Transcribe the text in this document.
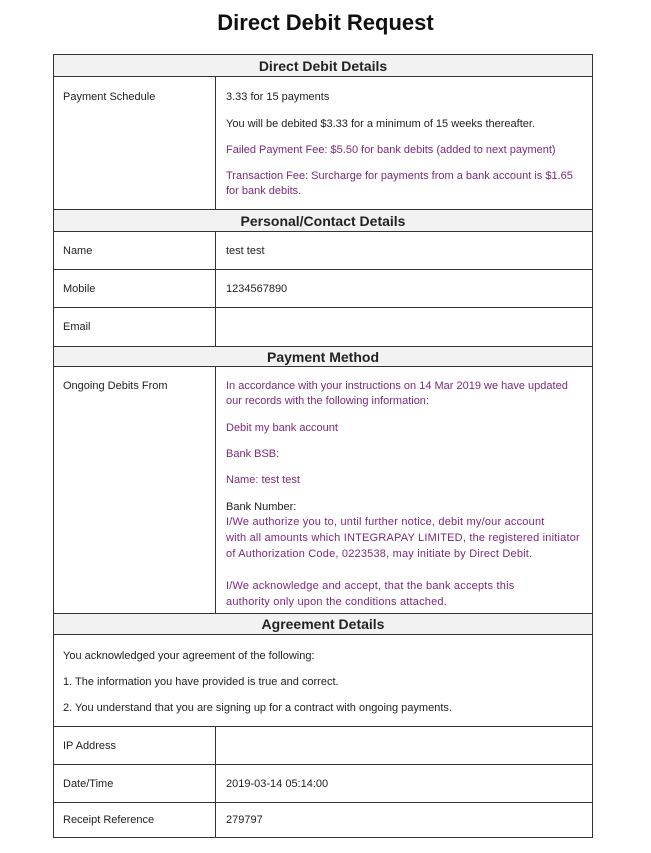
Direct Debit Request
Direct Debit Details
Payment Schedule	3.33 for 15 payments

You will be debited $3.33 for a minimum of 15 weeks thereafter.

Failed Payment Fee: $5.50 for bank debits (added to next payment)

Transaction Fee: Surcharge for payments from a bank account is $1.65

for bank debits.

Personal/Contact Details
Name	test test
Mobile	1234567890
Email
Payment Method
Ongoing Debits From	In accordance with your instructions on 14 Mar 2019 we have updated

our records with the following information:

Debit my bank account

Bank BSB:

Name: test test

Bank Number:

I/We authorize you to, until further notice, debit my/our account

with all amounts which INTEGRAPAY LIMITED, the registered initiator

of Authorization Code, 0223538, may initiate by Direct Debit.

I/We acknowledge and accept, that the bank accepts this

authority only upon the conditions attached.

Agreement Details

You acknowledged your agreement of the following:

1. The information you have provided is true and correct.

2. You understand that you are signing up for a contract with ongoing payments.

IP Address
Date/Time	2019-03-14 05:14:00
Receipt Reference	279797
